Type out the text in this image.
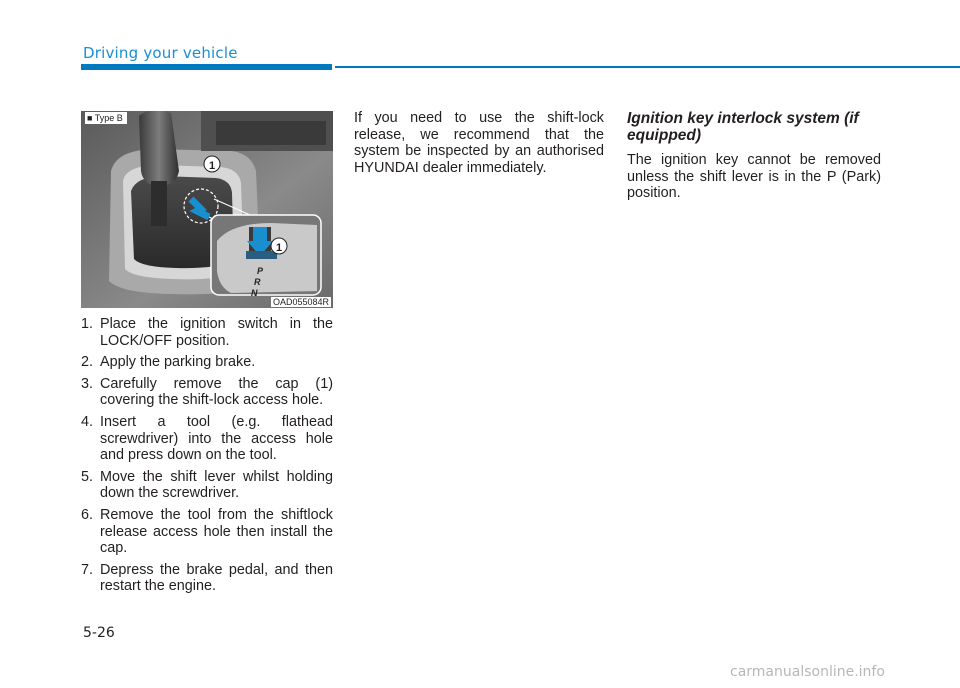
Driving your vehicle
1
1
P
R
N
■ Type B
OAD055084R
1. Place the ignition switch in the LOCK/OFF position.
2. Apply the parking brake.
3. Carefully remove the cap (1) covering the shift-lock access hole.
4. Insert a tool (e.g. flathead screwdriver) into the access hole and press down on the tool.
5. Move the shift lever whilst holding down the screwdriver.
6. Remove the tool from the shiftlock release access hole then install the cap.
7. Depress the brake pedal, and then restart the engine.

If you need to use the shift-lock release, we recommend that the system be inspected by an authorised HYUNDAI dealer immediately.

Ignition key interlock system (if equipped)

The ignition key cannot be removed unless the shift lever is in the P (Park) position.

5-26
carmanualsonline.info
